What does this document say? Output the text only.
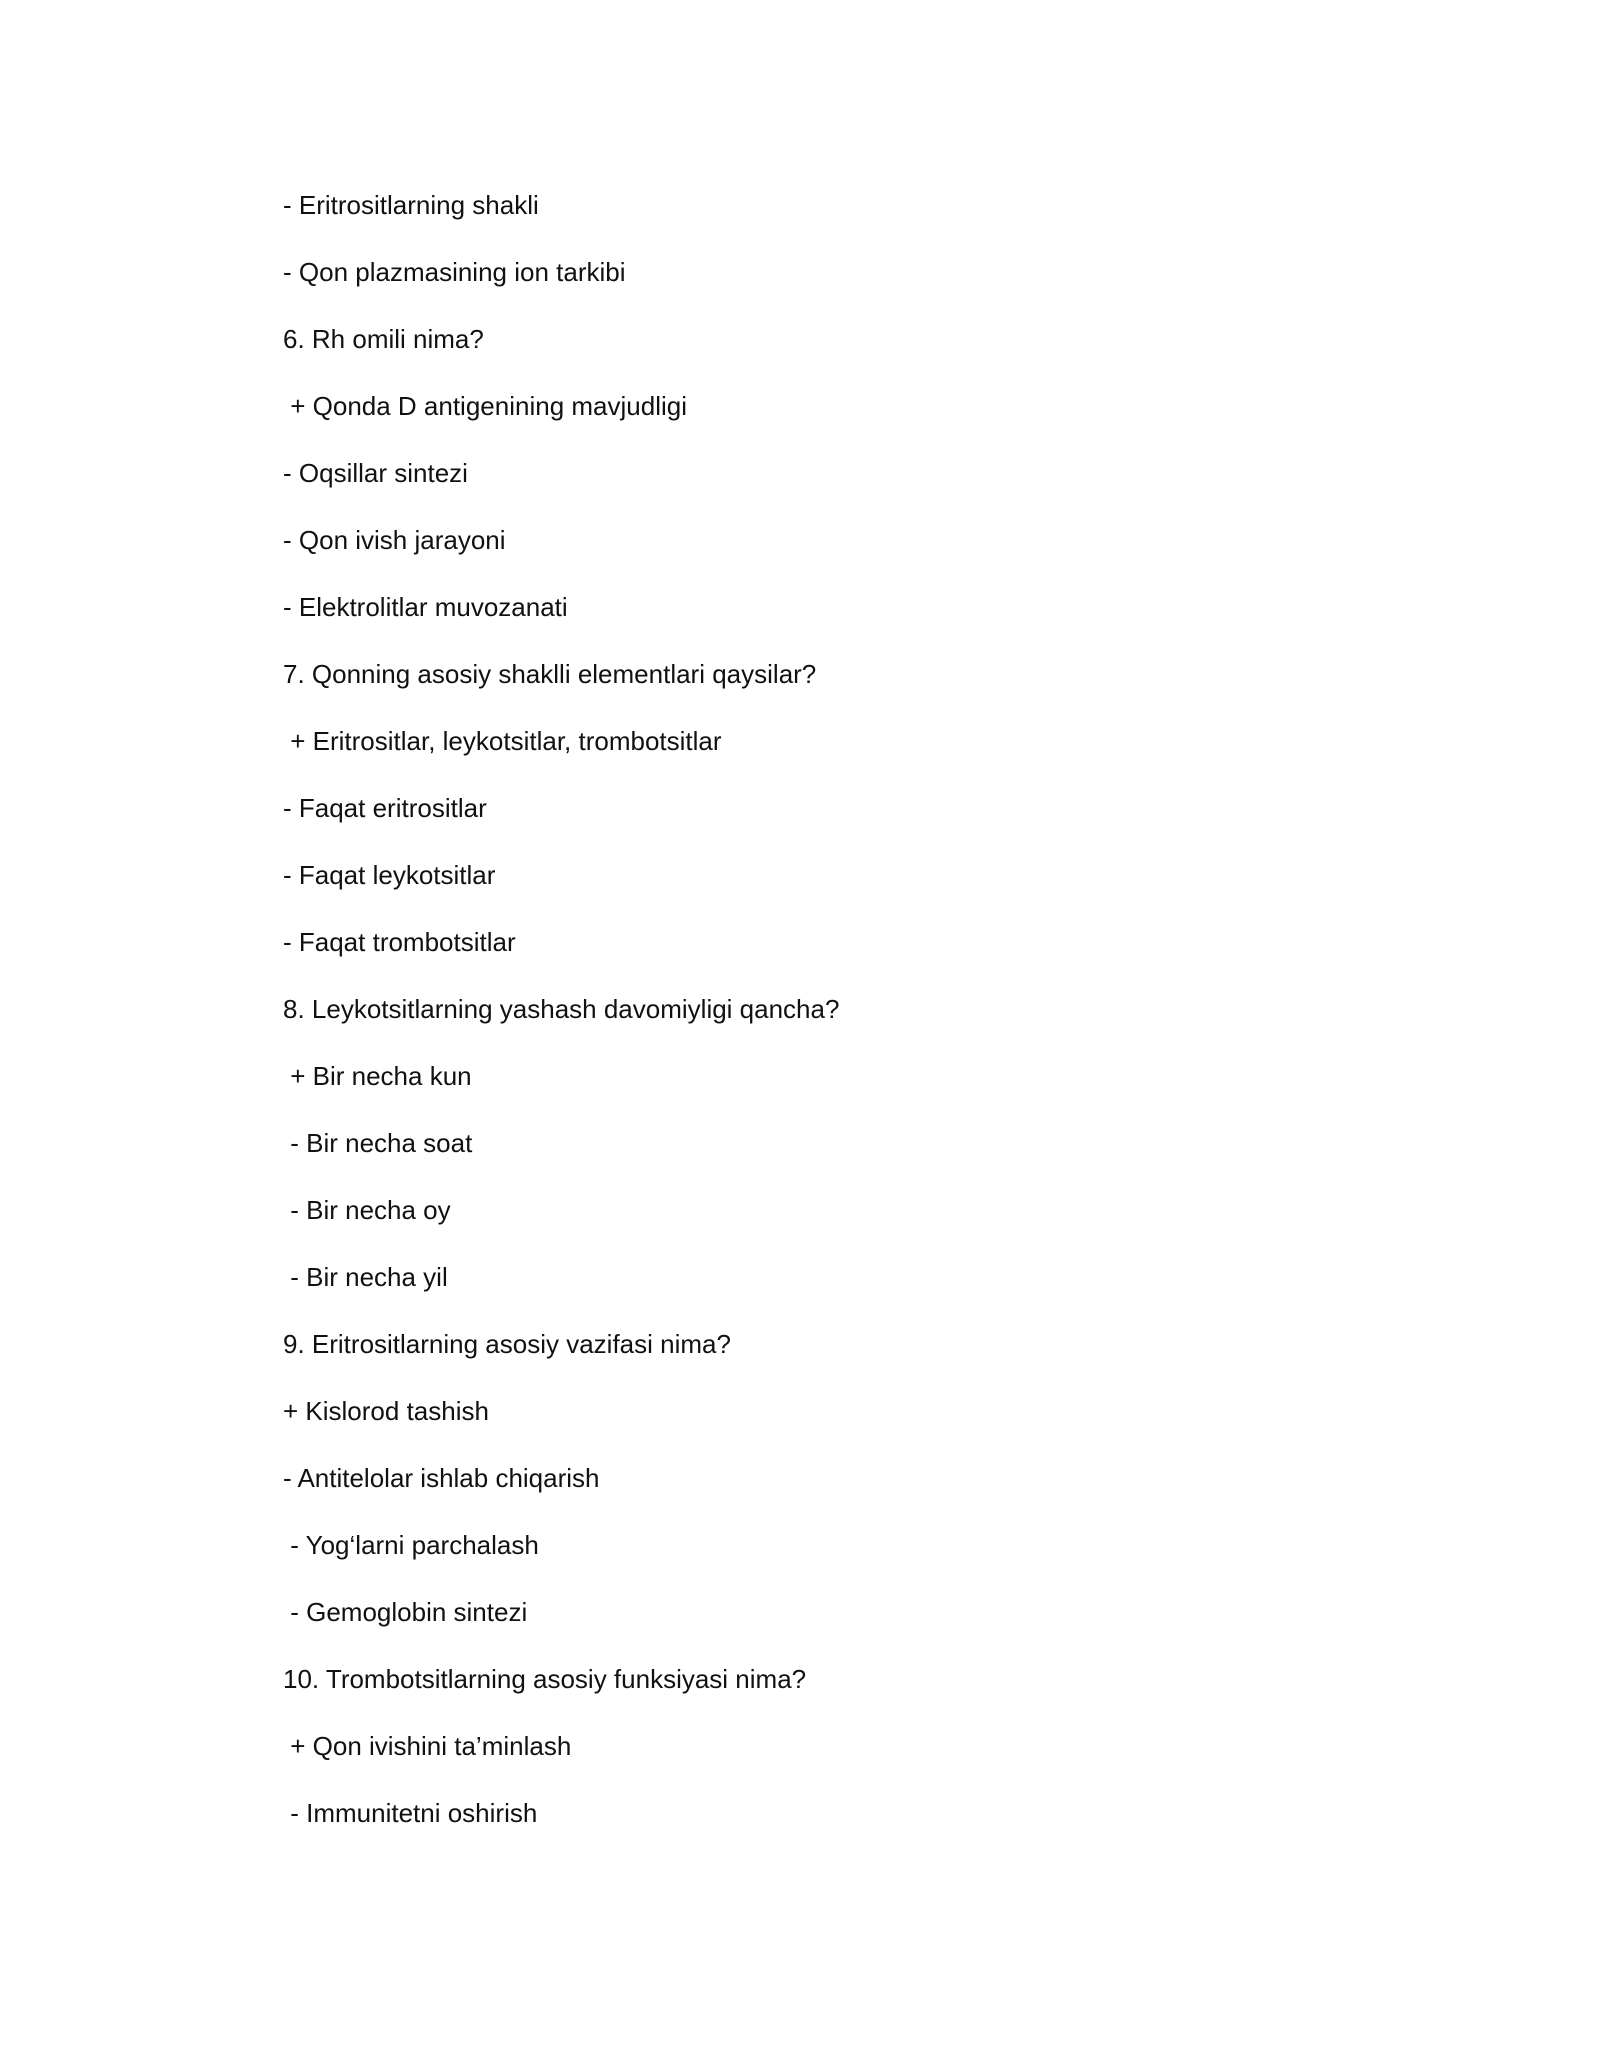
- Eritrositlarning shakli
- Qon plazmasining ion tarkibi
6. Rh omili nima?
+ Qonda D antigenining mavjudligi
- Oqsillar sintezi
- Qon ivish jarayoni
- Elektrolitlar muvozanati
7. Qonning asosiy shaklli elementlari qaysilar?
+ Eritrositlar, leykotsitlar, trombotsitlar
- Faqat eritrositlar
- Faqat leykotsitlar
- Faqat trombotsitlar
8. Leykotsitlarning yashash davomiyligi qancha?
+ Bir necha kun
- Bir necha soat
- Bir necha oy
- Bir necha yil
9. Eritrositlarning asosiy vazifasi nima?
+ Kislorod tashish
- Antitelolar ishlab chiqarish
- Yog‘larni parchalash
- Gemoglobin sintezi
10. Trombotsitlarning asosiy funksiyasi nima?
+ Qon ivishini ta’minlash
- Immunitetni oshirish
